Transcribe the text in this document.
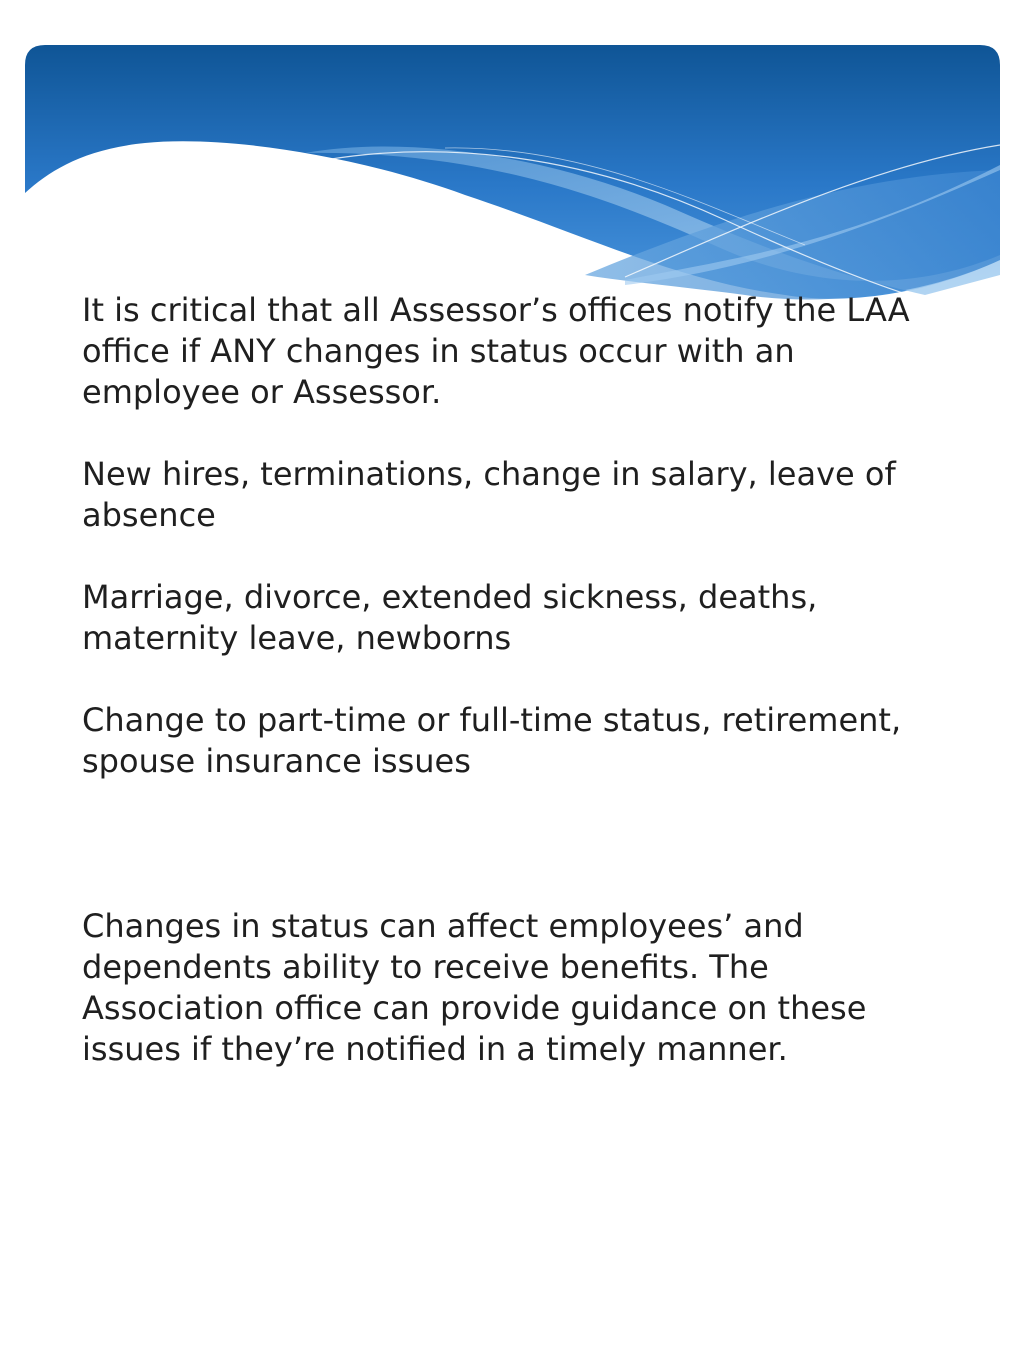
It is critical that all Assessor’s offices notify the LAA office if ANY changes in status occur with an employee or Assessor.

New hires, terminations, change in salary, leave of absence

Marriage, divorce, extended sickness, deaths, maternity leave, newborns

Change to part-time or full-time status, retirement, spouse insurance issues

Changes in status can affect employees’ and dependents ability to receive benefits. The Association office can provide guidance on these issues if they’re notified in a timely manner.
